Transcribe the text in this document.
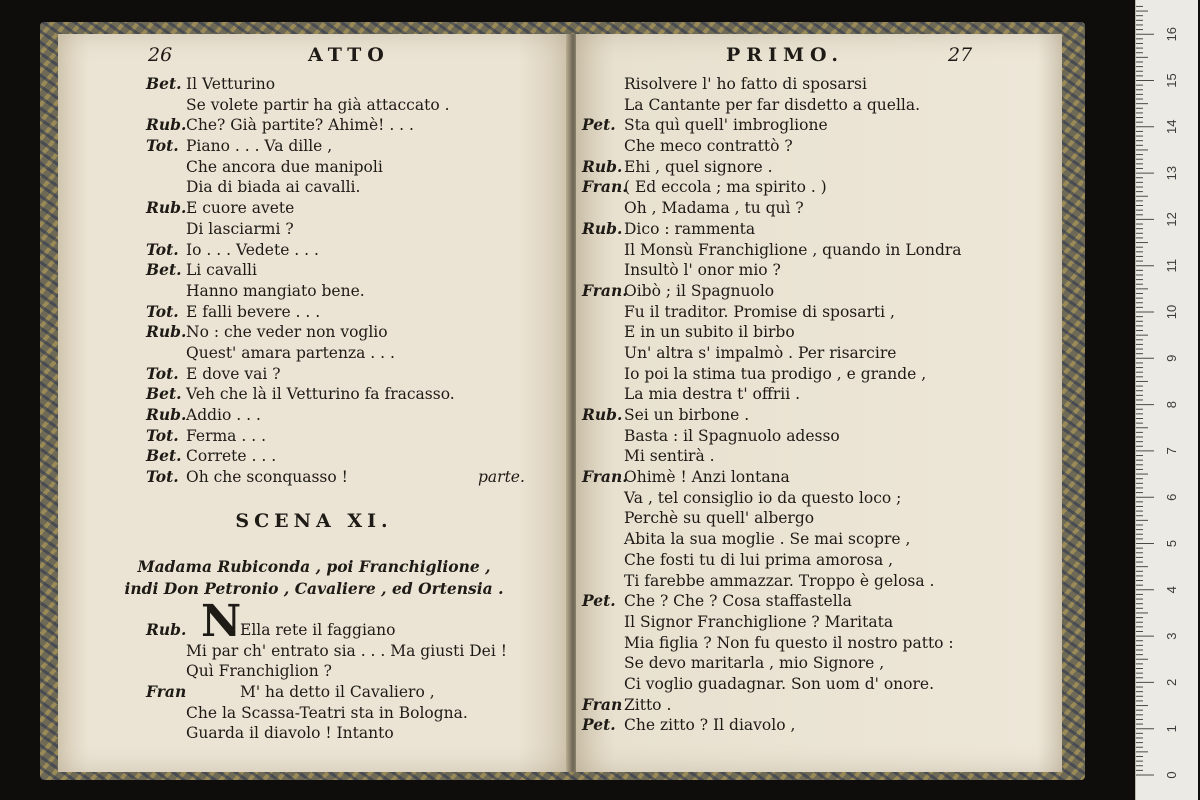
26	ATTO
Bet. Il Vetturino
Se volete partir ha già attaccato .
Rub. Che? Già partite? Ahimè! . . .
Tot. Piano . . . Va dille ,
Che ancora due manipoli
Dia di biada ai cavalli.
Rub. E cuore avete
Di lasciarmi ?
Tot. Io . . . Vedete . . .
Bet. Li cavalli
Hanno mangiato bene.
Tot. E falli bevere . . .
Rub. No : che veder non voglio
Quest' amara partenza . . .
Tot. E dove vai ?
Bet. Veh che là il Vetturino fa fracasso.
Rub. Addio . . .
Tot. Ferma . . .
Bet. Correte . . .
Tot. Oh che sconquasso !	parte.
SCENA XI.
Madama Rubiconda , poi Franchiglione ,
indi Don Petronio , Cavaliere , ed Ortensia .
N
Rub.	Ella rete il faggiano
Mi par ch' entrato sia . . . Ma giusti Dei !
Quì Franchiglion ?
Fran	M' ha detto il Cavaliero ,
Che la Scassa-Teatri sta in Bologna.
Guarda il diavolo ! Intanto
PRIMO.	27
Risolvere l' ho fatto di sposarsi
La Cantante per far disdetto a quella.
Pet. Sta quì quell' imbroglione
Che meco contrattò ?
Rub. Ehi , quel signore .
Fran.
( Ed eccola ; ma spirito . )
Oh , Madama , tu quì ?
Rub. Dico : rammenta
Il Monsù Franchiglione , quando in Londra
Insultò l' onor mio ?
Fran.
Oibò ; il Spagnuolo
Fu il traditor. Promise di sposarti ,
E in un subito il birbo
Un' altra s' impalmò . Per risarcire
Io poi la stima tua prodigo , e grande ,
La mia destra t' offrii .
Rub. Sei un birbone .
Basta : il Spagnuolo adesso
Mi sentirà .
Fran.
Ohimè ! Anzi lontana
Va , tel consiglio io da questo loco ;
Perchè su quell' albergo
Abita la sua moglie . Se mai scopre ,
Che fosti tu di lui prima amorosa ,
Ti farebbe ammazzar. Troppo è gelosa .
Pet. Che ? Che ? Cosa staffastella
Il Signor Franchiglione ? Maritata
Mia figlia ? Non fu questo il nostro patto :
Se devo maritarla , mio Signore ,
Ci voglio guadagnar. Son uom d' onore.
Fran Zitto .
Pet. Che zitto ? Il diavolo ,
0
1
2
3
4
5
6
7
8
9
10
11
12
13
14
15
16
